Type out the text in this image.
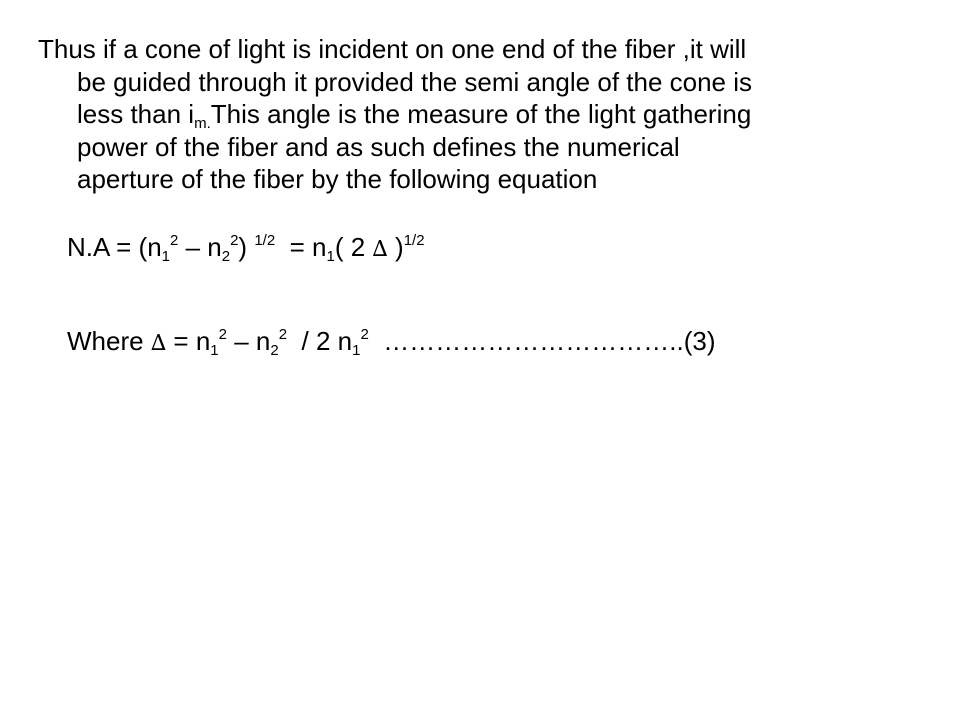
Thus if a cone of light is incident on one end of the fiber ,it will
be guided through it provided the semi angle of the cone is
less than $i_{m.}This$ angle is the measure of the light gathering
power of the fiber and as such defines the numerical
aperture of the fiber by the following equation
$N.A = (n_1^2 - n_2^2) ^{1/2} = n_1$( 2 ∆ )$^{1/2}$
Where ∆ = $n_1^2 - n_2^2 / 2$ $n_1^2$ ……………………………..(3)
